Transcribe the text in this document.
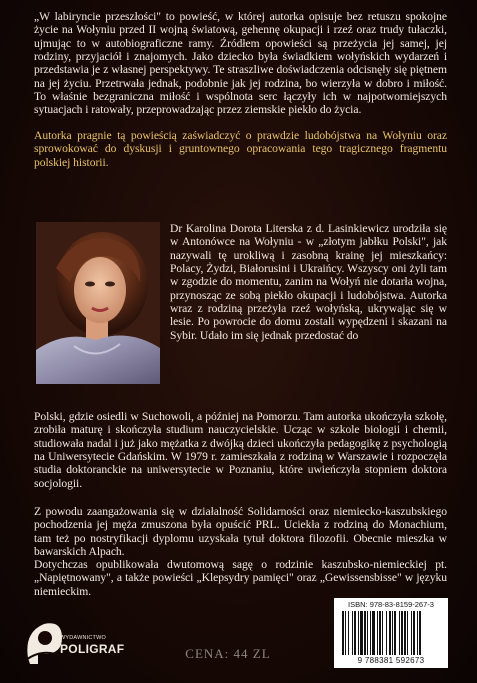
„W labiryncie przeszłości" to powieść, w której autorka opisuje bez retuszu spokojne życie na Wołyniu przed II wojną światową, gehennę okupacji i rzeź oraz trudy tułaczki, ujmując to w autobiograficzne ramy. Źródłem opowieści są przeżycia jej samej, jej rodziny, przyjaciół i znajomych. Jako dziecko była świadkiem wołyńskich wydarzeń i przedstawia je z własnej perspektywy. Te straszliwe doświadczenia odcisnęły się piętnem na jej życiu. Przetrwała jednak, podobnie jak jej rodzina, bo wierzyła w dobro i miłość. To właśnie bezgraniczna miłość i wspólnota serc łączyły ich w najpotworniejszych sytuacjach i ratowały, przeprowadzając przez ziemskie piekło do życia.

Autorka pragnie tą powieścią zaświadczyć o prawdzie ludobójstwa na Wołyniu oraz sprowokować do dyskusji i gruntownego opracowania tego tragicznego fragmentu polskiej historii.

Dr Karolina Dorota Literska z d. Lasinkiewicz urodziła się w Antonówce na Wołyniu - w „złotym jabłku Polski", jak nazywali tę urokliwą i zasobną krainę jej mieszkańcy: Polacy, Żydzi, Białorusini i Ukraińcy. Wszyscy oni żyli tam w zgodzie do momentu, zanim na Wołyń nie dotarła wojna, przynosząc ze sobą piekło okupacji i ludobójstwa. Autorka wraz z rodziną przeżyła rzeź wołyńską, ukrywając się w lesie. Po powrocie do domu zostali wypędzeni i skazani na Sybir. Udało im się jednak przedostać do

Polski, gdzie osiedli w Suchowoli, a później na Pomorzu. Tam autorka ukończyła szkołę, zrobiła maturę i skończyła studium nauczycielskie. Ucząc w szkole biologii i chemii, studiowała nadal i już jako mężatka z dwójką dzieci ukończyła pedagogikę z psychologią na Uniwersytecie Gdańskim. W 1979 r. zamieszkała z rodziną w Warszawie i rozpoczęła studia doktoranckie na uniwersytecie w Poznaniu, które uwieńczyła stopniem doktora socjologii.

Z powodu zaangażowania się w działalność Solidarności oraz niemiecko-kaszubskiego pochodzenia jej męża zmuszona była opuścić PRL. Uciekła z rodziną do Monachium, tam też po nostryfikacji dyplomu uzyskała tytuł doktora filozofii. Obecnie mieszka w bawarskich Alpach.

Dotychczas opublikowała dwutomową sagę o rodzinie kaszubsko-niemieckiej pt. „Napiętnowany", a także powieści „Klepsydry pamięci" oraz „Gewissensbisse" w języku niemieckim.

WYDAWNICTWO
POLIGRAF	CENA: 44 ZL
ISBN: 978-83-8159-267-3
9 788381 592673
